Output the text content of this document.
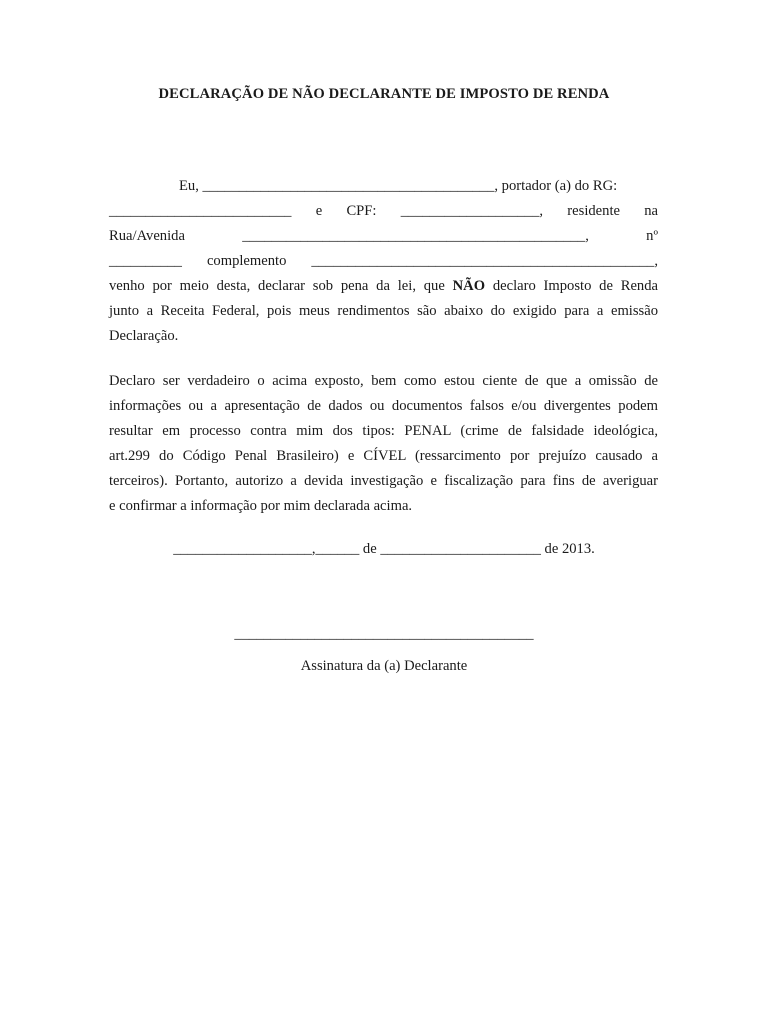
DECLARAÇÃO DE NÃO DECLARANTE DE IMPOSTO DE RENDA
Eu, ________________________________________, portador (a) do RG:
_________________________ e CPF: ___________________, residente na
Rua/Avenida	_______________________________________________,	nº
__________ complemento _______________________________________________,
venho por meio desta, declarar sob pena da lei, que NÃO declaro Imposto de Renda
junto a Receita Federal, pois meus rendimentos são abaixo do exigido para a emissão
Declaração.
Declaro ser verdadeiro o acima exposto, bem como estou ciente de que a omissão de
informações ou a apresentação de dados ou documentos falsos e/ou divergentes podem
resultar em processo contra mim dos tipos: PENAL (crime de falsidade ideológica,
art.299 do Código Penal Brasileiro) e CÍVEL (ressarcimento por prejuízo causado a
terceiros). Portanto, autorizo a devida investigação e fiscalização para fins de averiguar
e confirmar a informação por mim declarada acima.
___________________,______ de ______________________ de 2013.
_________________________________________
Assinatura da (a) Declarante
